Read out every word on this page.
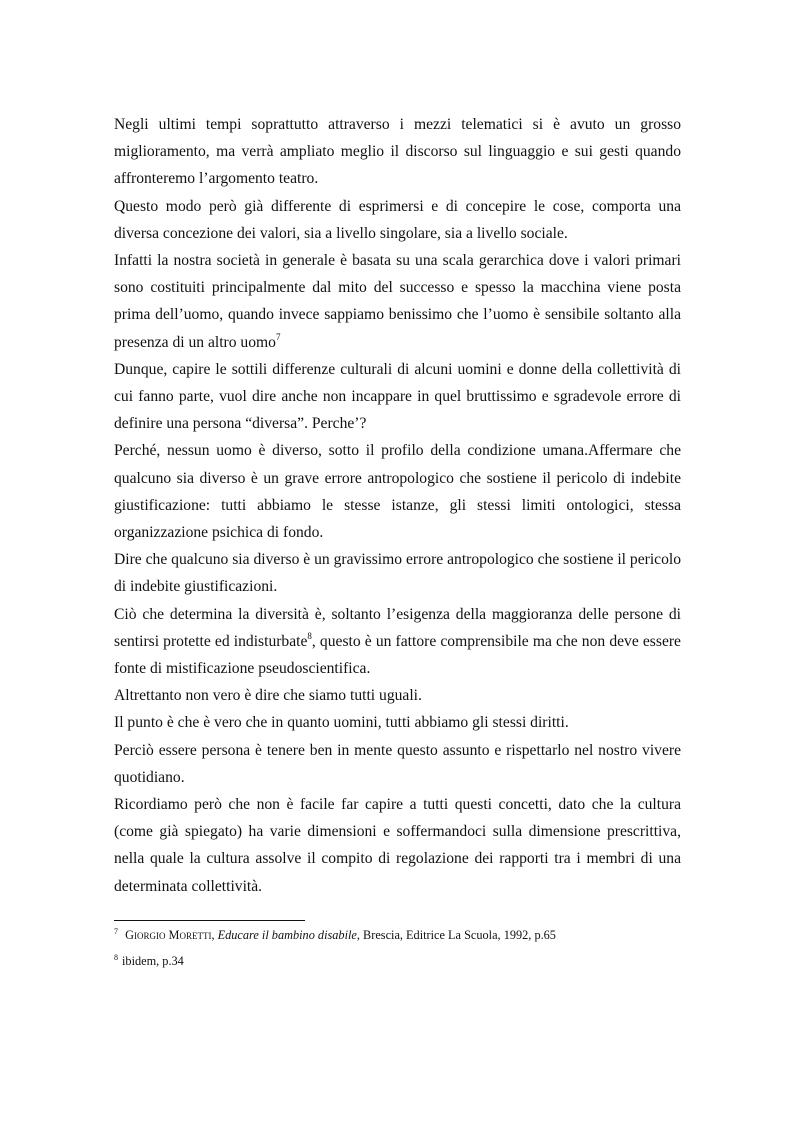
Negli ultimi tempi soprattutto attraverso i mezzi telematici si è avuto un grosso miglioramento, ma verrà ampliato meglio il discorso sul linguaggio e sui gesti quando affronteremo l’argomento teatro.

Questo modo però già differente di esprimersi e di concepire le cose, comporta una diversa concezione dei valori, sia a livello singolare, sia a livello sociale.

Infatti la nostra società in generale è basata su una scala gerarchica dove i valori primari sono costituiti principalmente dal mito del successo e spesso la macchina viene posta prima dell’uomo, quando invece sappiamo benissimo che l’uomo è sensibile soltanto alla presenza di un altro uomo$^7$

Dunque, capire le sottili differenze culturali di alcuni uomini e donne della collettività di cui fanno parte, vuol dire anche non incappare in quel bruttissimo e sgradevole errore di definire una persona “diversa”. Perche’?

Perché, nessun uomo è diverso, sotto il profilo della condizione umana.Affermare che qualcuno sia diverso è un grave errore antropologico che sostiene il pericolo di indebite giustificazione: tutti abbiamo le stesse istanze, gli stessi limiti ontologici, stessa organizzazione psichica di fondo.

Dire che qualcuno sia diverso è un gravissimo errore antropologico che sostiene il pericolo di indebite giustificazioni.

Ciò che determina la diversità è, soltanto l’esigenza della maggioranza delle persone di sentirsi protette ed indisturbate$^8$, questo è un fattore comprensibile ma che non deve essere fonte di mistificazione pseudoscientifica.

Altrettanto non vero è dire che siamo tutti uguali.

Il punto è che è vero che in quanto uomini, tutti abbiamo gli stessi diritti.

Perciò essere persona è tenere ben in mente questo assunto e rispettarlo nel nostro vivere quotidiano.

Ricordiamo però che non è facile far capire a tutti questi concetti, dato che la cultura (come già spiegato) ha varie dimensioni e soffermandoci sulla dimensione prescrittiva, nella quale la cultura assolve il compito di regolazione dei rapporti tra i membri di una determinata collettività.

$^7$ Giorgio Moretti, Educare il bambino disabile, Brescia, Editrice La Scuola, 1992, p.65

$^8$ ibidem, p.34
